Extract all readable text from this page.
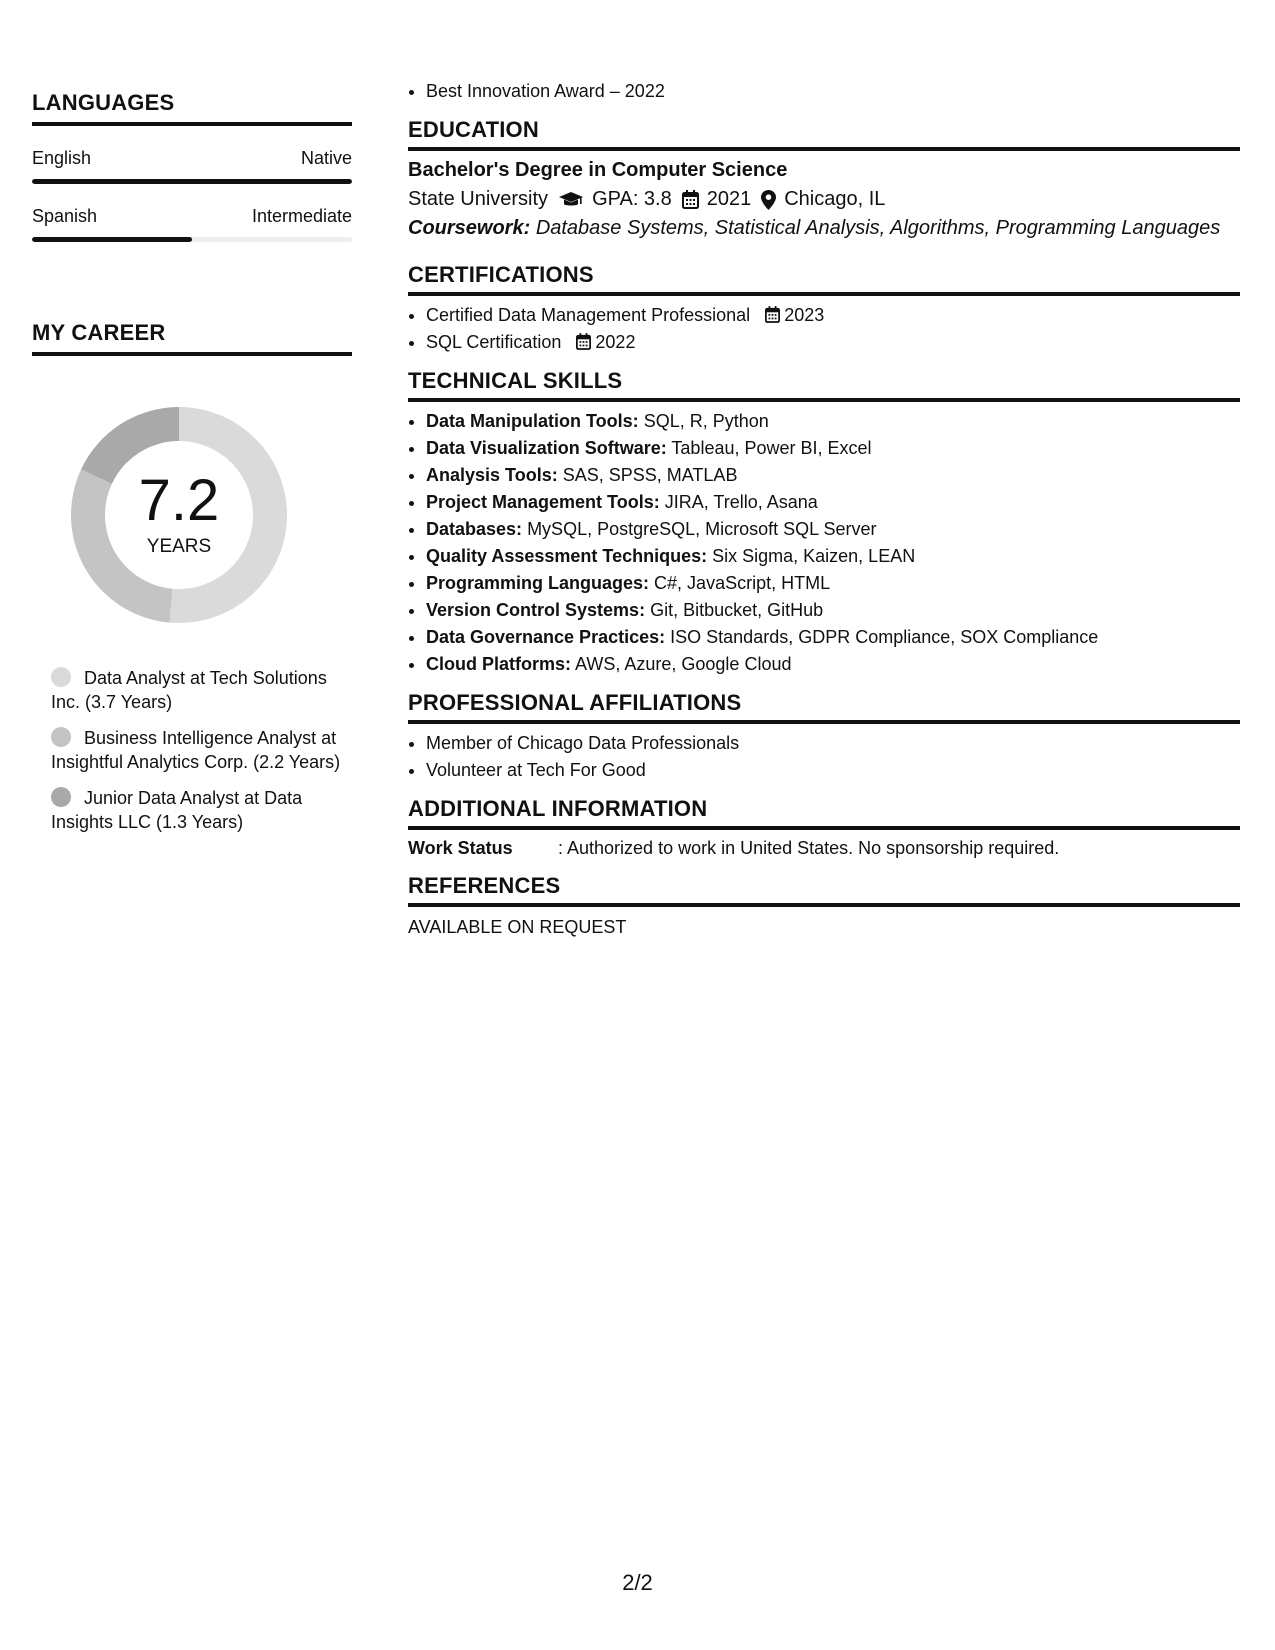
LANGUAGES
English	Native
Spanish	Intermediate
MY CAREER
7.2
YEARS
Data Analyst at Tech Solutions Inc. (3.7 Years)
Business Intelligence Analyst at Insightful Analytics Corp. (2.2 Years)
Junior Data Analyst at Data Insights LLC (1.3 Years)
• Best Innovation Award – 2022
EDUCATION
Bachelor's Degree in Computer Science
State University GPA: 3.8 2021 Chicago, IL
Coursework: Database Systems, Statistical Analysis, Algorithms, Programming Languages
CERTIFICATIONS
• Certified Data Management Professional 2023
• SQL Certification 2022
TECHNICAL SKILLS
• Data Manipulation Tools: SQL, R, Python
• Data Visualization Software: Tableau, Power BI, Excel
• Analysis Tools: SAS, SPSS, MATLAB
• Project Management Tools: JIRA, Trello, Asana
• Databases: MySQL, PostgreSQL, Microsoft SQL Server
• Quality Assessment Techniques: Six Sigma, Kaizen, LEAN
• Programming Languages: C#, JavaScript, HTML
• Version Control Systems: Git, Bitbucket, GitHub
• Data Governance Practices: ISO Standards, GDPR Compliance, SOX Compliance
• Cloud Platforms: AWS, Azure, Google Cloud
PROFESSIONAL AFFILIATIONS
• Member of Chicago Data Professionals
• Volunteer at Tech For Good
ADDITIONAL INFORMATION
Work Status	: Authorized to work in United States. No sponsorship required.
REFERENCES
AVAILABLE ON REQUEST
2/2
